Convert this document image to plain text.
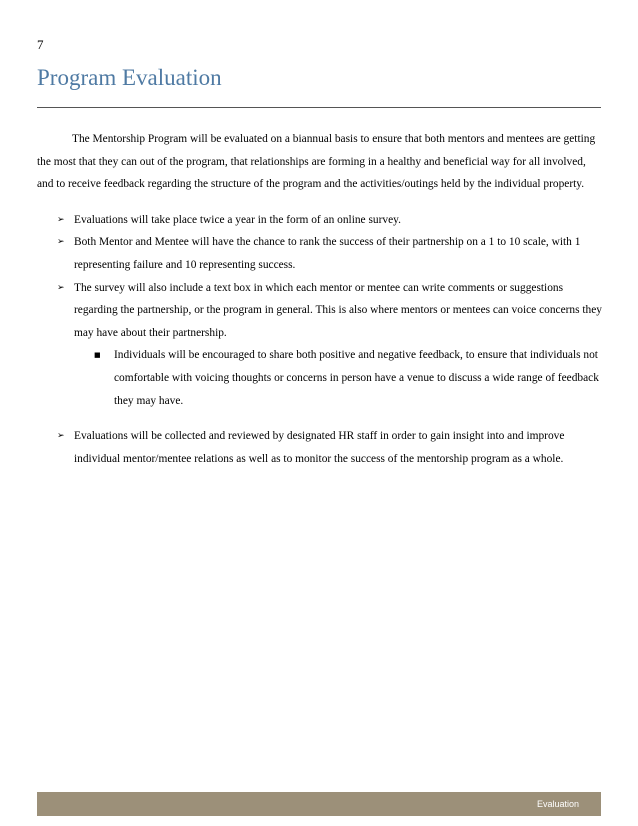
7
Program Evaluation

The Mentorship Program will be evaluated on a biannual basis to ensure that both mentors and mentees are getting the most that they can out of the program, that relationships are forming in a healthy and beneficial way for all involved, and to receive feedback regarding the structure of the program and the activities/outings held by the individual property.

➢ Evaluations will take place twice a year in the form of an online survey.
➢ Both Mentor and Mentee will have the chance to rank the success of their partnership on a 1 to 10 scale, with 1 representing failure and 10 representing success.
➢ The survey will also include a text box in which each mentor or mentee can write comments or suggestions regarding the partnership, or the program in general. This is also where mentors or mentees can voice concerns they may have about their partnership.
■ Individuals will be encouraged to share both positive and negative feedback, to ensure that individuals not comfortable with voicing thoughts or concerns in person have a venue to discuss a wide range of feedback they may have.
➢ Evaluations will be collected and reviewed by designated HR staff in order to gain insight into and improve individual mentor/mentee relations as well as to monitor the success of the mentorship program as a whole.
Evaluation
